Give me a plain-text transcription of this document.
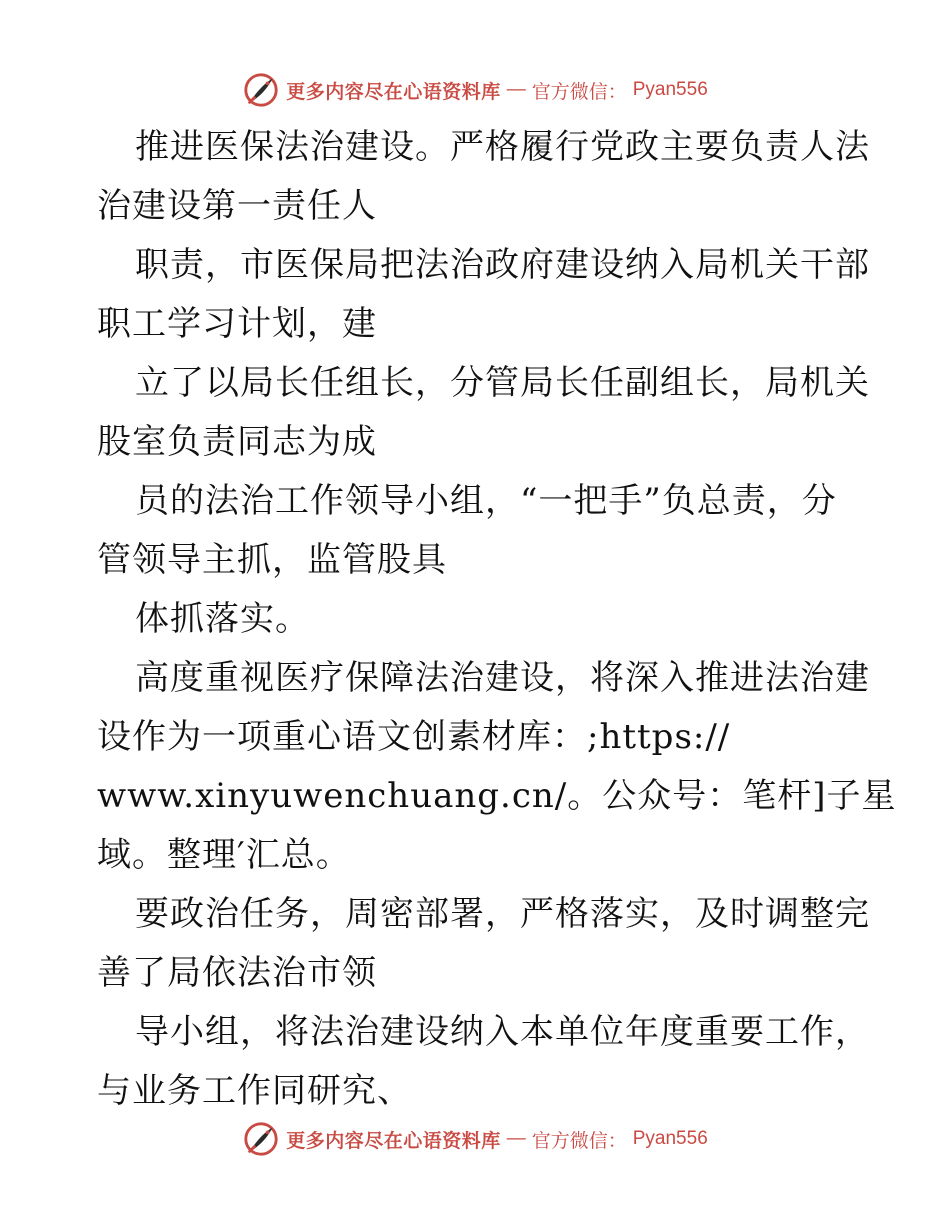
更多内容尽在心语资料库 — 官方微信： Pyan556
推进医保法治建设。严格履行党政主要负责人法
治建设第一责任人
职责，市医保局把法治政府建设纳入局机关干部
职工学习计划，建
立了以局长任组长，分管局长任副组长，局机关
股室负责同志为成
员的法治工作领导小组，“一把手”负总责，分
管领导主抓，监管股具
体抓落实。
高度重视医疗保障法治建设，将深入推进法治建
设作为一项重心语文创素材库：;https://
www.xinyuwenchuang.cn/。公众号：笔杆]子星
域。整理′汇总。
要政治任务，周密部署，严格落实，及时调整完
善了局依法治市领
导小组，将法治建设纳入本单位年度重要工作，
与业务工作同研究、
更多内容尽在心语资料库 — 官方微信： Pyan556
